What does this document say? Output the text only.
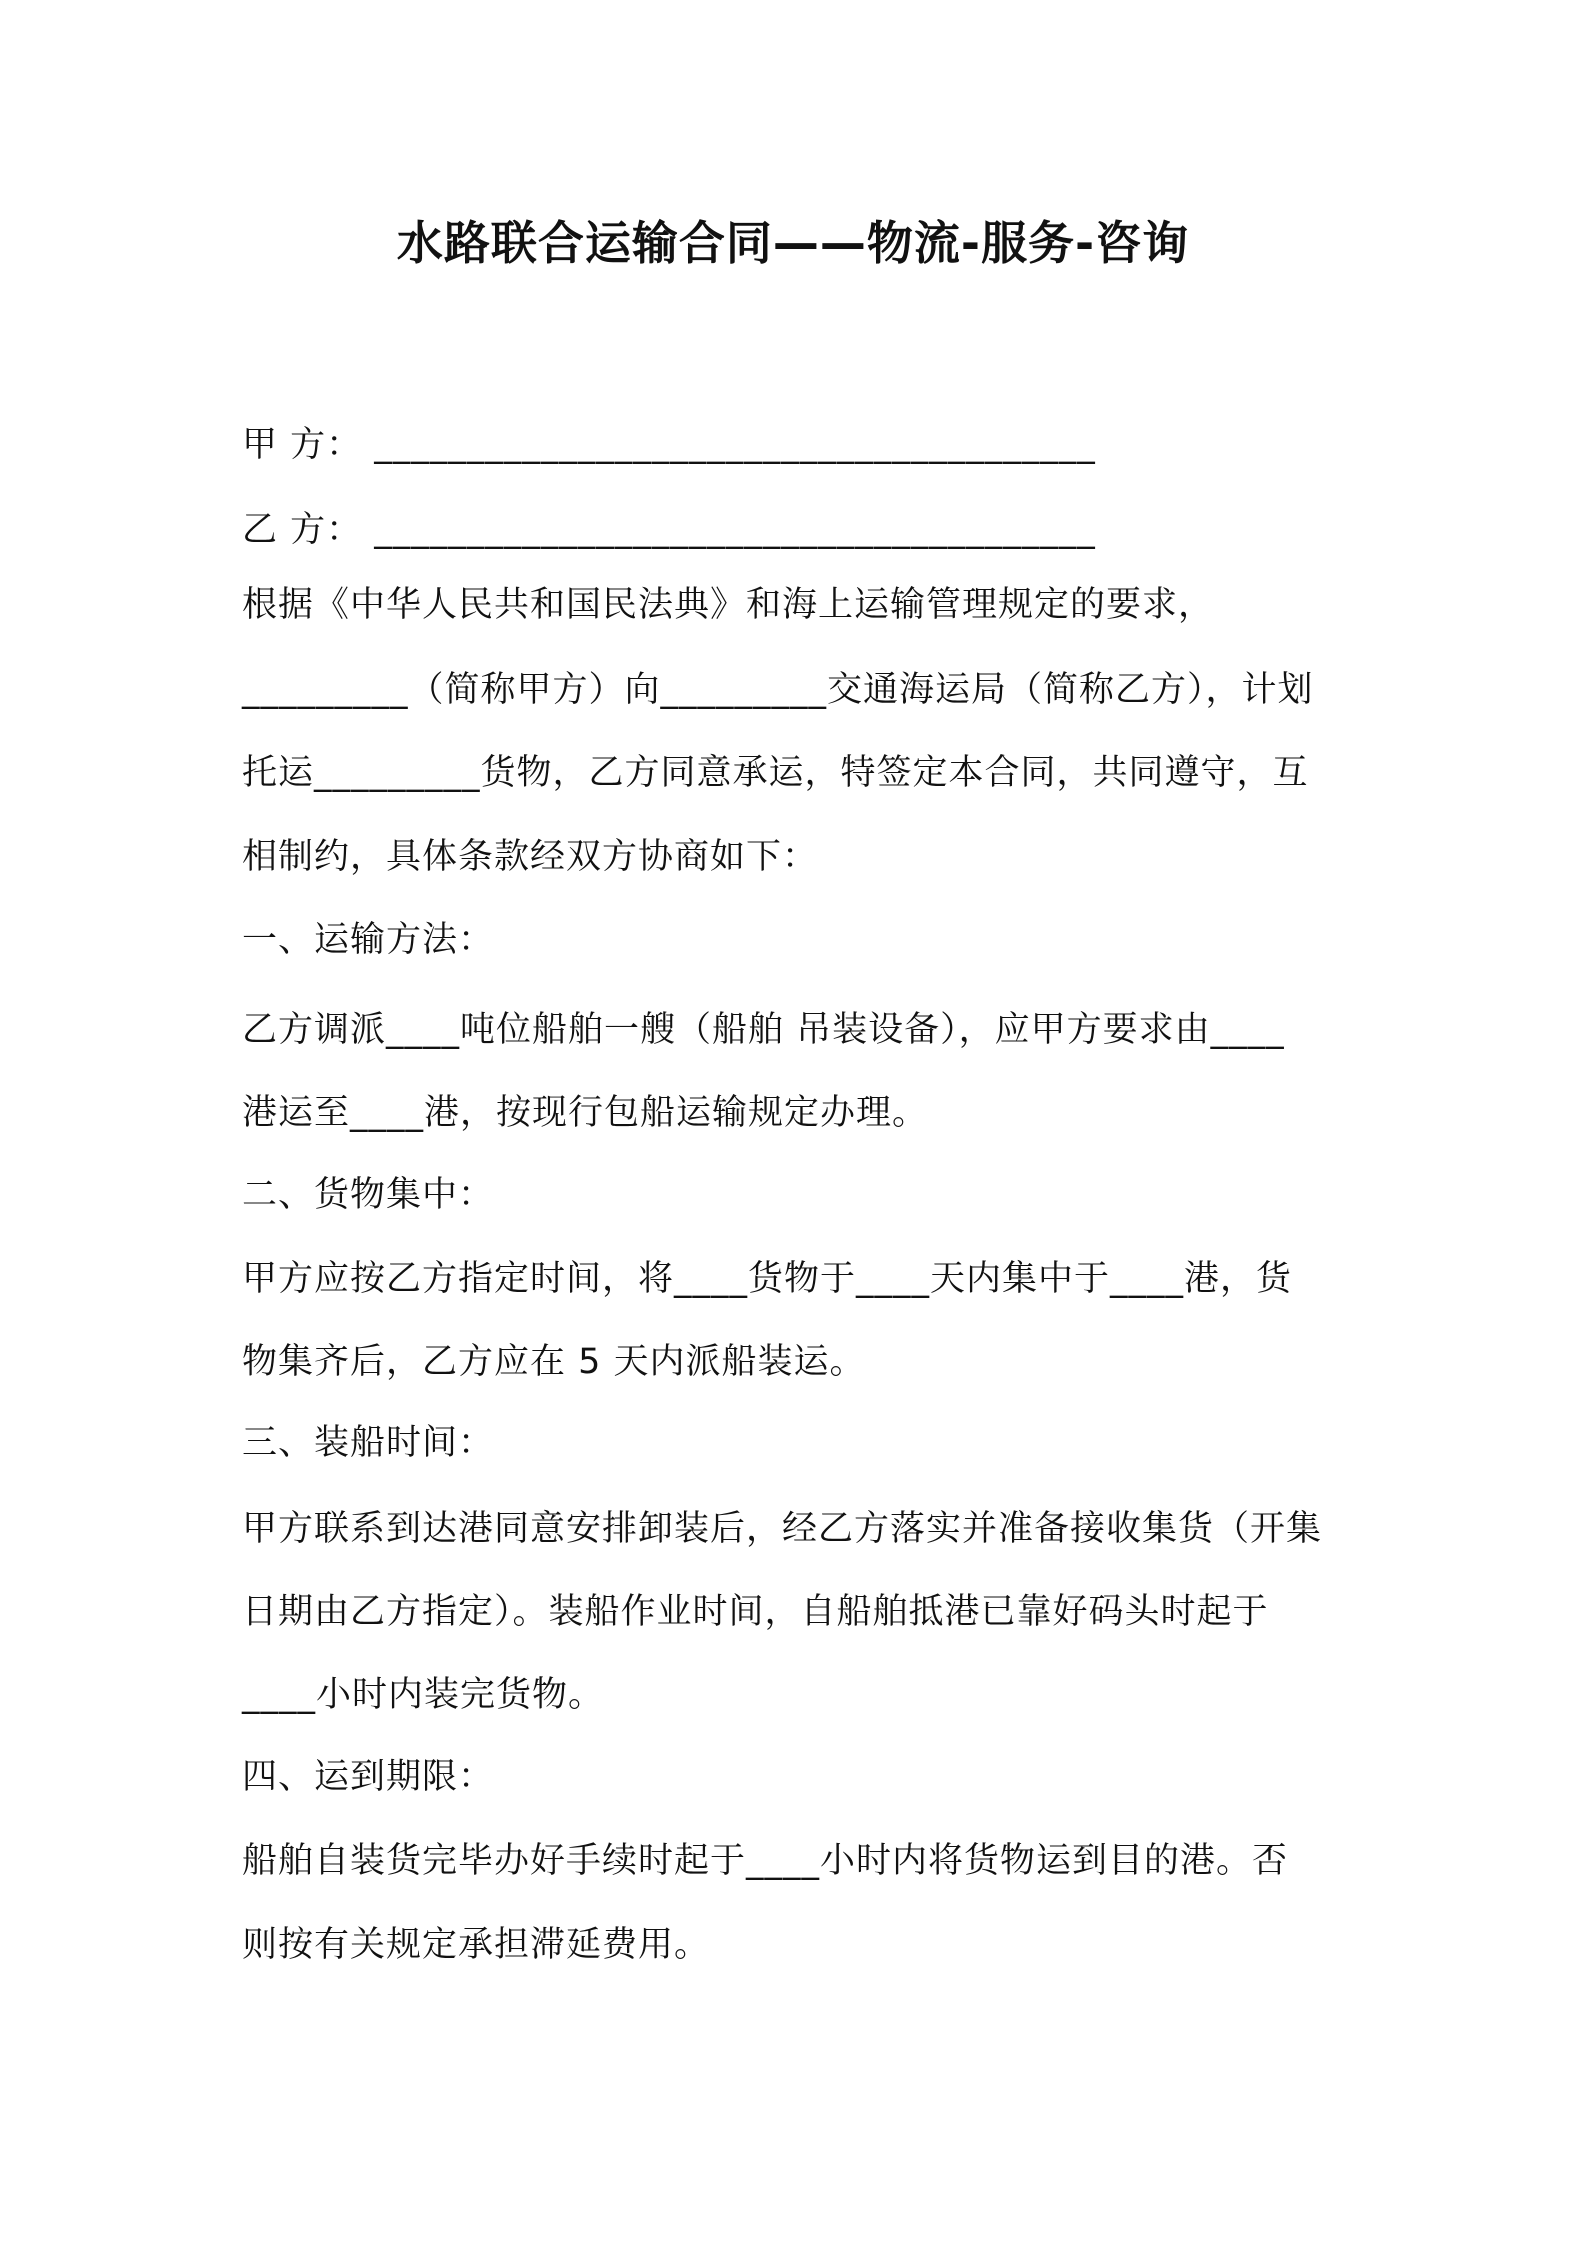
水路联合运输合同——物流-服务-咨询
甲 方： _______________________________________
乙 方： _______________________________________
根据《中华人民共和国民法典》和海上运输管理规定的要求，
_________（简称甲方）向_________交通海运局（简称乙方），计划
托运_________货物，乙方同意承运，特签定本合同，共同遵守，互
相制约，具体条款经双方协商如下：
一、运输方法：
乙方调派____吨位船舶一艘（船舶 吊装设备），应甲方要求由____
港运至____港，按现行包船运输规定办理。
二、货物集中：
甲方应按乙方指定时间，将____货物于____天内集中于____港，货
物集齐后，乙方应在 5 天内派船装运。
三、装船时间：
甲方联系到达港同意安排卸装后，经乙方落实并准备接收集货（开集
日期由乙方指定）。装船作业时间，自船舶抵港已靠好码头时起于
____小时内装完货物。
四、运到期限：
船舶自装货完毕办好手续时起于____小时内将货物运到目的港。否
则按有关规定承担滞延费用。
